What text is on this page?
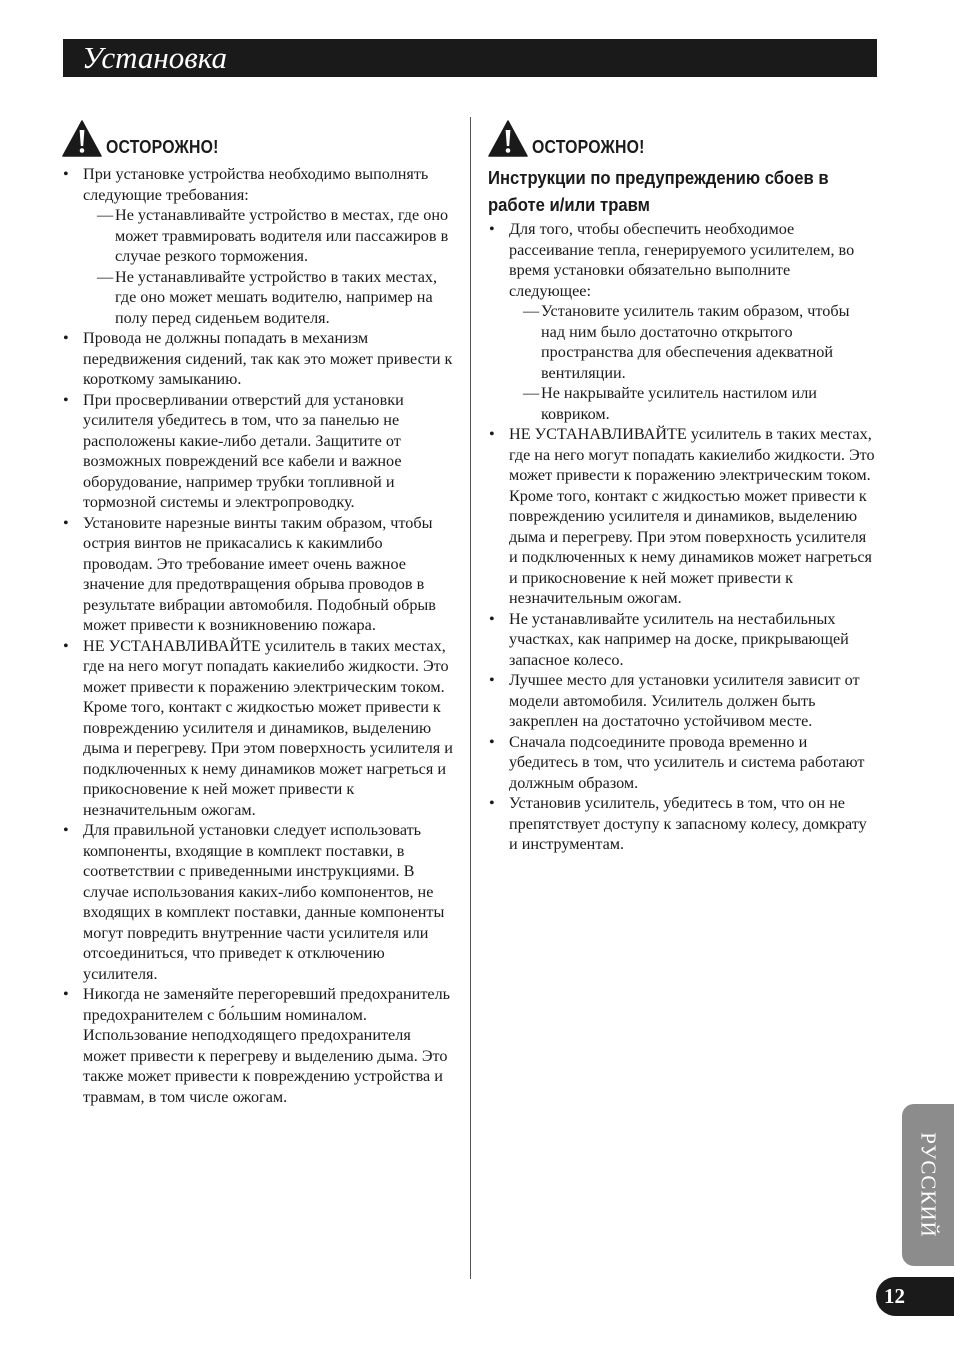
Установка
ОСТОРОЖНО!
• При установке устройства необходимо выполнять следующие требования:
— Не устанавливайте устройство в местах, где оно может травмировать водителя или пассажиров в случае резкого торможения.
— Не устанавливайте устройство в таких местах, где оно может мешать водителю, например на полу перед сиденьем водителя.
• Провода не должны попадать в механизм передвижения сидений, так как это может привести к короткому замыканию.
• При просверливании отверстий для установки усилителя убедитесь в том, что за панелью не расположены какие-либо детали. Защитите от возможных повреждений все кабели и важное оборудование, например трубки топливной и тормозной системы и электропроводку.
• Установите нарезные винты таким образом, чтобы острия винтов не прикасались к какимлибо проводам. Это требование имеет очень важное значение для предотвращения обрыва проводов в результате вибрации автомобиля. Подобный обрыв может привести к возникновению пожара.
• НЕ УСТАНАВЛИВАЙТЕ усилитель в таких местах, где на него могут попадать какиелибо жидкости. Это может привести к поражению электрическим током. Кроме того, контакт с жидкостью может привести к повреждению усилителя и динамиков, выделению дыма и перегреву. При этом поверхность усилителя и подключенных к нему динамиков может нагреться и прикосновение к ней может привести к незначительным ожогам.
• Для правильной установки следует использовать компоненты, входящие в комплект поставки, в соответствии с приведенными инструкциями. В случае использования каких-либо компонентов, не входящих в комплект поставки, данные компоненты могут повредить внутренние части усилителя или отсоединиться, что приведет к отключению усилителя.
• Никогда не заменяйте перегоревший предохранитель предохранителем с бо́льшим номиналом. Использование неподходящего предохранителя может привести к перегреву и выделению дыма. Это также может привести к повреждению устройства и травмам, в том числе ожогам.
ОСТОРОЖНО!
Инструкции по предупреждению сбоев в работе и/или травм
• Для того, чтобы обеспечить необходимое рассеивание тепла, генерируемого усилителем, во время установки обязательно выполните следующее:
— Установите усилитель таким образом, чтобы над ним было достаточно открытого пространства для обеспечения адекватной вентиляции.
— Не накрывайте усилитель настилом или ковриком.
• НЕ УСТАНАВЛИВАЙТЕ усилитель в таких местах, где на него могут попадать какиелибо жидкости. Это может привести к поражению электрическим током. Кроме того, контакт с жидкостью может привести к повреждению усилителя и динамиков, выделению дыма и перегреву. При этом поверхность усилителя и подключенных к нему динамиков может нагреться и прикосновение к ней может привести к незначительным ожогам.
• Не устанавливайте усилитель на нестабильных участках, как например на доске, прикрывающей запасное колесо.
• Лучшее место для установки усилителя зависит от модели автомобиля. Усилитель должен быть закреплен на достаточно устойчивом месте.
• Сначала подсоедините провода временно и убедитесь в том, что усилитель и система работают должным образом.
• Установив усилитель, убедитесь в том, что он не препятствует доступу к запасному колесу, домкрату и инструментам.
РУССКИЙ
12
